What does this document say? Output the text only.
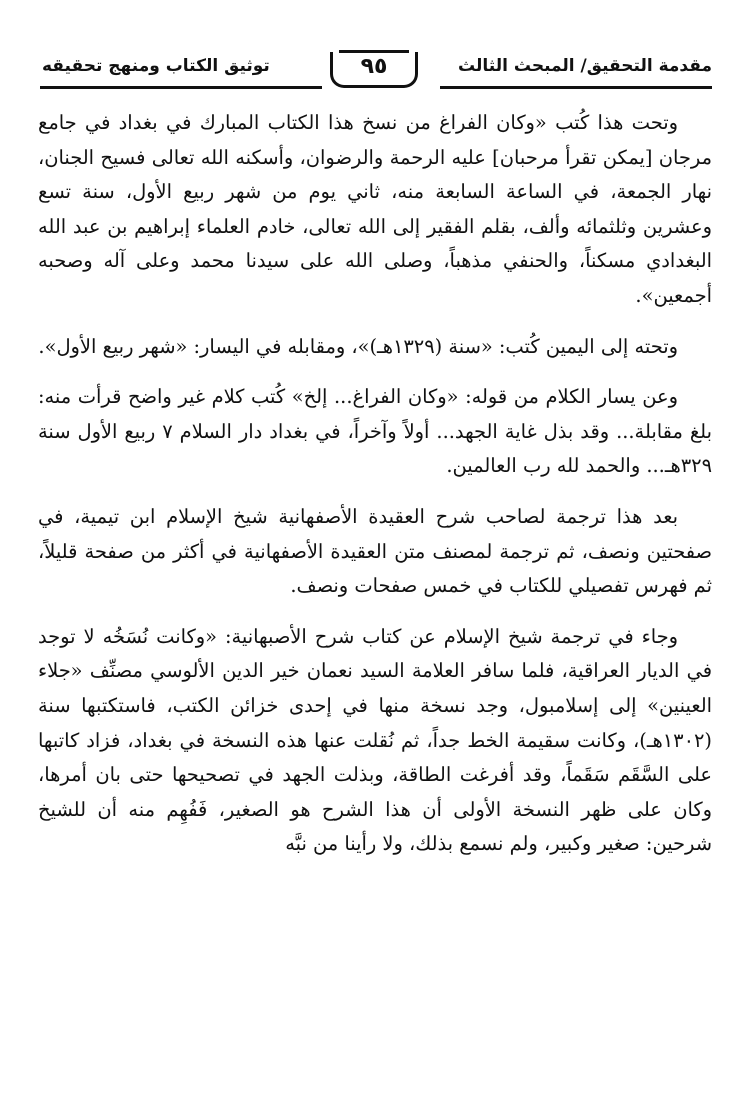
مقدمة التحقيق/ المبحث الثالث
توثيق الكتاب ومنهج تحقيقه	٩٥

وتحت هذا كُتب «وكان الفراغ من نسخ هذا الكتاب المبارك في بغداد في جامع مرجان [يمكن تقرأ مرحبان] عليه الرحمة والرضوان، وأسكنه الله تعالى فسيح الجنان، نهار الجمعة، في الساعة السابعة منه، ثاني يوم من شهر ربيع الأول، سنة تسع وعشرين وثلثمائه وألف، بقلم الفقير إلى الله تعالى، خادم العلماء إبراهيم بن عبد الله البغدادي مسكناً، والحنفي مذهباً، وصلى الله على سيدنا محمد وعلى آله وصحبه أجمعين».

وتحته إلى اليمين كُتب: «سنة (١٣٢٩هـ)»، ومقابله في اليسار: «شهر ربيع الأول».

وعن يسار الكلام من قوله: «وكان الفراغ... إلخ» كُتب كلام غير واضح قرأت منه: بلغ مقابلة... وقد بذل غاية الجهد... أولاً وآخراً، في بغداد دار السلام ٧ ربيع الأول سنة ٣٢٩هـ... والحمد لله رب العالمين.

بعد هذا ترجمة لصاحب شرح العقيدة الأصفهانية شيخ الإسلام ابن تيمية، في صفحتين ونصف، ثم ترجمة لمصنف متن العقيدة الأصفهانية في أكثر من صفحة قليلاً، ثم فهرس تفصيلي للكتاب في خمس صفحات ونصف.

وجاء في ترجمة شيخ الإسلام عن كتاب شرح الأصبهانية: «وكانت نُسَخُه لا توجد في الديار العراقية، فلما سافر العلامة السيد نعمان خير الدين الألوسي مصنِّف «جلاء العينين» إلى إسلامبول، وجد نسخة منها في إحدى خزائن الكتب، فاستكتبها سنة (١٣٠٢هـ)، وكانت سقيمة الخط جداً، ثم نُقلت عنها هذه النسخة في بغداد، فزاد كاتبها على السَّقَم سَقَماً، وقد أفرغت الطاقة، وبذلت الجهد في تصحيحها حتى بان أمرها، وكان على ظهر النسخة الأولى أن هذا الشرح هو الصغير، فَفُهِم منه أن للشيخ شرحين: صغير وكبير، ولم نسمع بذلك، ولا رأينا من نبَّه
